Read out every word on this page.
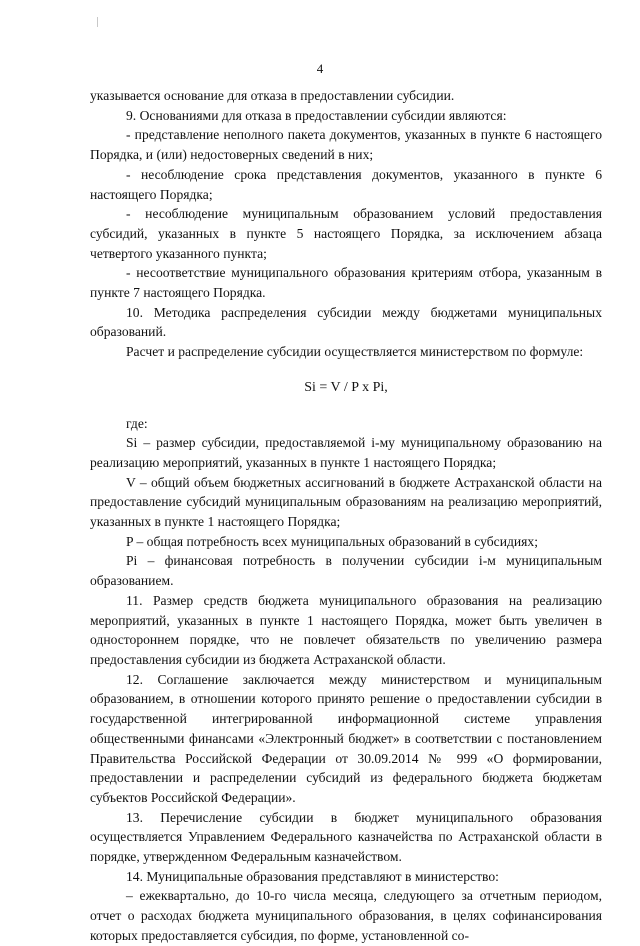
4

указывается основание для отказа в предоставлении субсидии.

9. Основаниями для отказа в предоставлении субсидии являются:

- представление неполного пакета документов, указанных в пункте 6 настоящего Порядка, и (или) недостоверных сведений в них;

- несоблюдение срока представления документов, указанного в пункте 6 настоящего Порядка;

- несоблюдение муниципальным образованием условий предоставления субсидий, указанных в пункте 5 настоящего Порядка, за исключением абзаца четвертого указанного пункта;

- несоответствие муниципального образования критериям отбора, указанным в пункте 7 настоящего Порядка.

10. Методика распределения субсидии между бюджетами муниципальных образований.

Расчет и распределение субсидии осуществляется министерством по формуле:

Si = V / P x Pi,

где:

Si – размер субсидии, предоставляемой i-му муниципальному образованию на реализацию мероприятий, указанных в пункте 1 настоящего Порядка;

V – общий объем бюджетных ассигнований в бюджете Астраханской области на предоставление субсидий муниципальным образованиям на реализацию мероприятий, указанных в пункте 1 настоящего Порядка;

P – общая потребность всех муниципальных образований в субсидиях;

Pi – финансовая потребность в получении субсидии i-м муниципальным образованием.

11. Размер средств бюджета муниципального образования на реализацию мероприятий, указанных в пункте 1 настоящего Порядка, может быть увеличен в одностороннем порядке, что не повлечет обязательств по увеличению размера предоставления субсидии из бюджета Астраханской области.

12. Соглашение заключается между министерством и муниципальным образованием, в отношении которого принято решение о предоставлении субсидии в государственной интегрированной информационной системе управления общественными финансами «Электронный бюджет» в соответствии с постановлением Правительства Российской Федерации от 30.09.2014 № 999 «О формировании, предоставлении и распределении субсидий из федерального бюджета бюджетам субъектов Российской Федерации».

13. Перечисление субсидии в бюджет муниципального образования осуществляется Управлением Федерального казначейства по Астраханской области в порядке, утвержденном Федеральным казначейством.

14. Муниципальные образования представляют в министерство:

– ежеквартально, до 10-го числа месяца, следующего за отчетным периодом, отчет о расходах бюджета муниципального образования, в целях софинансирования которых предоставляется субсидия, по форме, установленной со-
